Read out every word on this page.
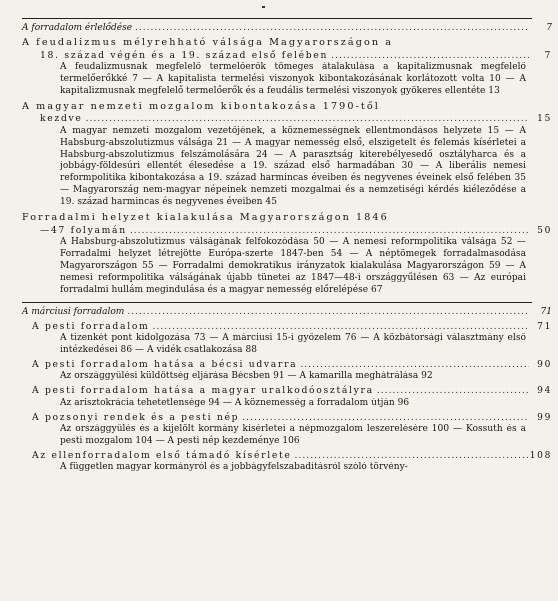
A forradalom érlelődése .....	7
A feudalizmus mélyrehható válsága Magyarországon a
18. század végén és a 19. század első felében .....	7
A feudalizmusnak megfelelő termelőerők tömeges átalakulása a kapitalizmusnak megfelelő termelőerőkké 7 — A kapitalista termelési viszonyok kibontakozásának korlátozott volta 10 — A kapitalizmusnak megfelelő termelőerők és a feudális termelési viszonyok gyökeres ellentéte 13
A magyar nemzeti mozgalom kibontakozása 1790-től
kezdve .....	15
A magyar nemzeti mozgalom vezetőjének, a köznemességnek ellentmondásos helyzete 15 — A Habsburg-abszolutizmus válsága 21 — A magyar nemesség első, elszigetelt és felemás kísérletei a Habsburg-abszolutizmus felszámolására 24 — A parasztság kiterebélyesedő osztályharca és a jobbágy-földesúri ellentét élesedése a 19. század első harmadában 30 — A liberális nemesi reformpolitika kibontakozása a 19. század harmincas éveiben és negyvenes éveinek első felében 35 — Magyarország nem-magyar népeinek nemzeti mozgalmai és a nemzetiségi kérdés kiéleződése a 19. század harmincas és negyvenes éveiben 45
Forradalmi helyzet kialakulása Magyarországon 1846
—47 folyamán .....	50
A Habsburg-abszolutizmus válságának felfokozódása 50 — A nemesi reformpolitika válsága 52 — Forradalmi helyzet létrejötte Európa-szerte 1847-ben 54 — A néptömegek forradalmasodása Magyarországon 55 — Forradalmi demokratikus irányzatok kialakulása Magyarországon 59 — A nemesi reformpolitika válságának újabb tünetei az 1847—48-i országgyűlésen 63 — Az európai forradalmi hullám megindulása és a magyar nemesség előrelépése 67
A márciusi forradalom .....	71
A pesti forradalom .....	71
A tizenkét pont kidolgozása 73 — A márciusi 15-i győzelem 76 — A közbátorsági választmány első intézkedései 86 — A vidék csatlakozása 88
A pesti forradalom hatása a bécsi udvarra .....	90
Az országgyűlési küldöttség eljárása Bécsben 91 — A kamarilla meghátrálása 92
A pesti forradalom hatása a magyar uralkodóosztályra .....	94
Az arisztokrácia tehetetlensége 94 — A köznemesség a forradalom útján 96
A pozsonyi rendek és a pesti nép .....	99
Az országgyűlés és a kijelölt kormány kísérletei a népmozgalom leszerelésére 100 — Kossuth és a pesti mozgalom 104 — A pesti nép kezdeménye 106
Az ellenforradalom első támadó kísérlete .....	108
A független magyar kormányról és a jobbágyfelszabadításról szóló törvény-
